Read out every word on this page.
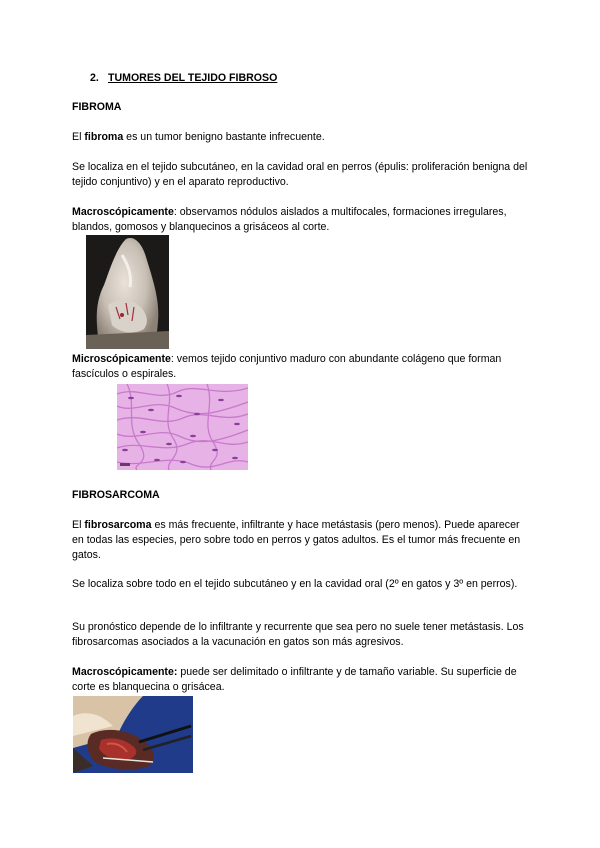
2. TUMORES DEL TEJIDO FIBROSO

FIBROMA

El fibroma es un tumor benigno bastante infrecuente.

Se localiza en el tejido subcutáneo, en la cavidad oral en perros (épulis: proliferación benigna del tejido conjuntivo) y en el aparato reproductivo.

Macroscópicamente: observamos nódulos aislados a multifocales, formaciones irregulares, blandos, gomosos y blanquecinos a grisáceos al corte.

Microscópicamente: vemos tejido conjuntivo maduro con abundante colágeno que forman fascículos o espirales.

FIBROSARCOMA

El fibrosarcoma es más frecuente, infiltrante y hace metástasis (pero menos). Puede aparecer en todas las especies, pero sobre todo en perros y gatos adultos. Es el tumor más frecuente en gatos.

Se localiza sobre todo en el tejido subcutáneo y en la cavidad oral (2º en gatos y 3º en perros).

Su pronóstico depende de lo infiltrante y recurrente que sea pero no suele tener metástasis. Los fibrosarcomas asociados a la vacunación en gatos son más agresivos.

Macroscópicamente: puede ser delimitado o infiltrante y de tamaño variable. Su superficie de corte es blanquecina o grisácea.
